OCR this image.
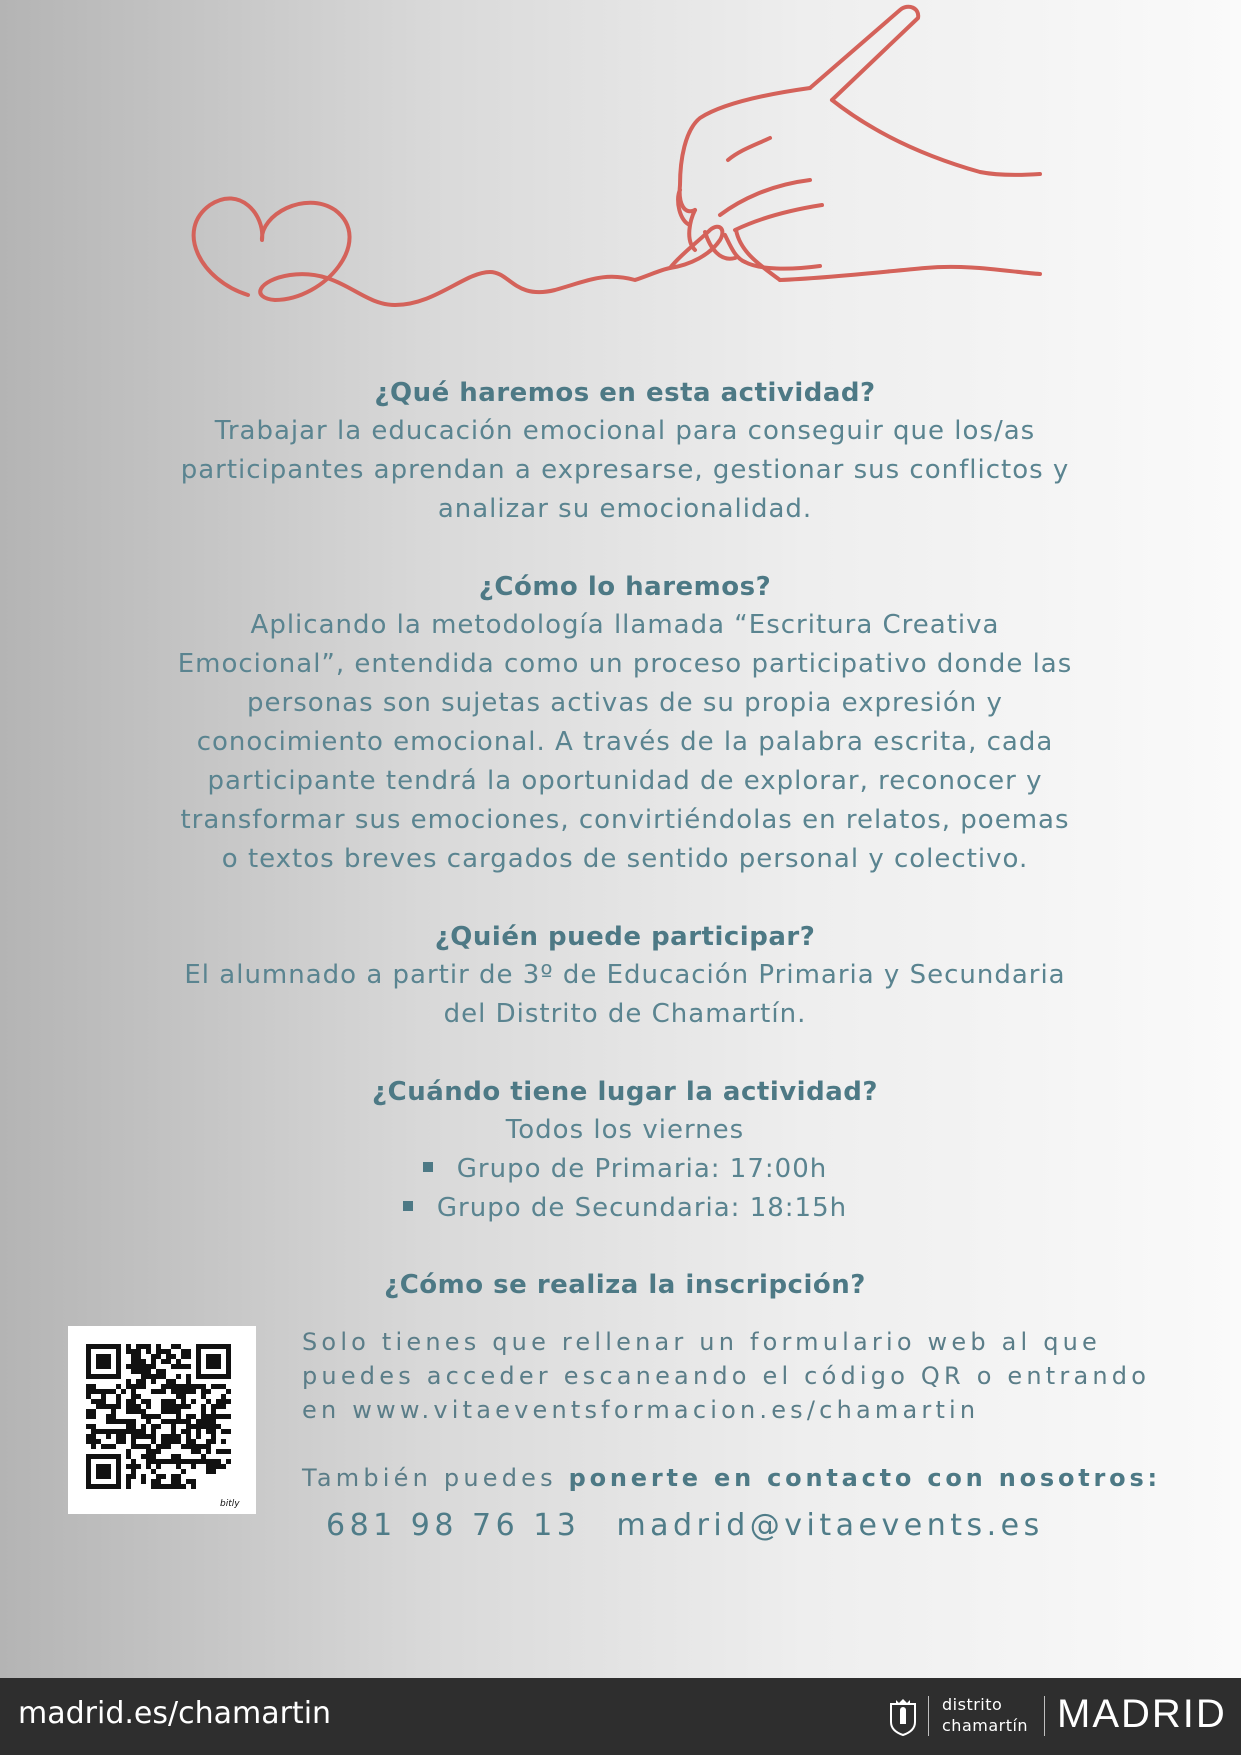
¿Qué haremos en esta actividad?
Trabajar la educación emocional para conseguir que los/as
participantes aprendan a expresarse, gestionar sus conflictos y
analizar su emocionalidad.
¿Cómo lo haremos?
Aplicando la metodología llamada “Escritura Creativa
Emocional”, entendida como un proceso participativo donde las
personas son sujetas activas de su propia expresión y
conocimiento emocional. A través de la palabra escrita, cada
participante tendrá la oportunidad de explorar, reconocer y
transformar sus emociones, convirtiéndolas en relatos, poemas
o textos breves cargados de sentido personal y colectivo.
¿Quién puede participar?
El alumnado a partir de 3º de Educación Primaria y Secundaria
del Distrito de Chamartín.
¿Cuándo tiene lugar la actividad?
Todos los viernes
Grupo de Primaria: 17:00h
Grupo de Secundaria: 18:15h
¿Cómo se realiza la inscripción?
bitly
Solo tienes que rellenar un formulario web al que
puedes acceder escaneando el código QR o entrando
en www.vitaeventsformacion.es/chamartin
También puedes ponerte en contacto con nosotros:
681 98 76 13 madrid@vitaevents.es
madrid.es/chamartin	distrito
chamartín MADRID
